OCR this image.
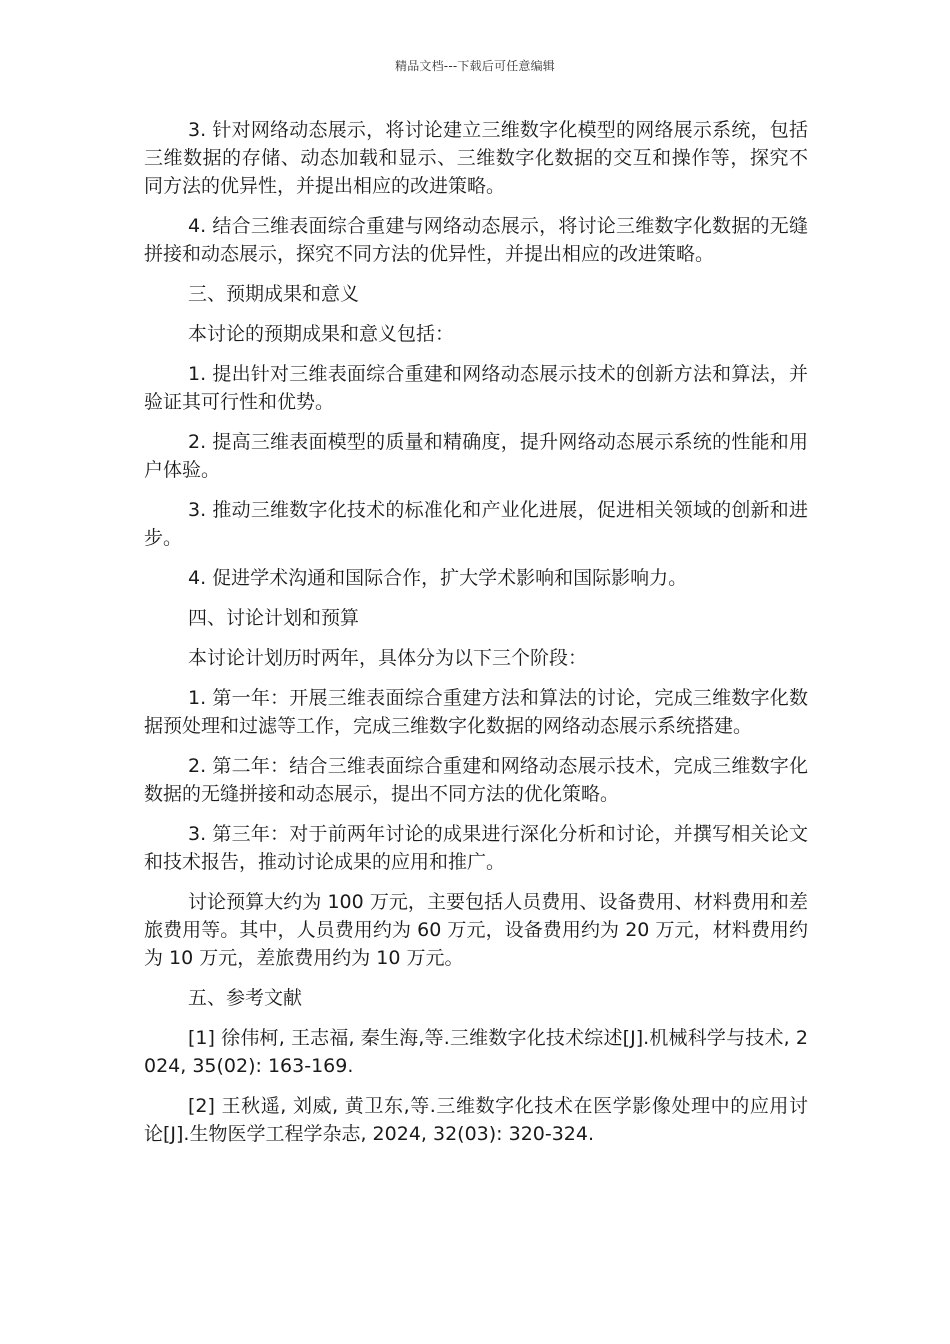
精品文档---下载后可任意编辑

3. 针对网络动态展示，将讨论建立三维数字化模型的网络展示系统，包括三维数据的存储、动态加载和显示、三维数字化数据的交互和操作等，探究不同方法的优异性，并提出相应的改进策略。

4. 结合三维表面综合重建与网络动态展示，将讨论三维数字化数据的无缝拼接和动态展示，探究不同方法的优异性，并提出相应的改进策略。

三、预期成果和意义

本讨论的预期成果和意义包括：

1. 提出针对三维表面综合重建和网络动态展示技术的创新方法和算法，并验证其可行性和优势。

2. 提高三维表面模型的质量和精确度，提升网络动态展示系统的性能和用户体验。

3. 推动三维数字化技术的标准化和产业化进展，促进相关领域的创新和进步。

4. 促进学术沟通和国际合作，扩大学术影响和国际影响力。

四、讨论计划和预算

本讨论计划历时两年，具体分为以下三个阶段：

1. 第一年：开展三维表面综合重建方法和算法的讨论，完成三维数字化数据预处理和过滤等工作，完成三维数字化数据的网络动态展示系统搭建。

2. 第二年：结合三维表面综合重建和网络动态展示技术，完成三维数字化数据的无缝拼接和动态展示，提出不同方法的优化策略。

3. 第三年：对于前两年讨论的成果进行深化分析和讨论，并撰写相关论文和技术报告，推动讨论成果的应用和推广。

讨论预算大约为 100 万元，主要包括人员费用、设备费用、材料费用和差旅费用等。其中，人员费用约为 60 万元，设备费用约为 20 万元，材料费用约为 10 万元，差旅费用约为 10 万元。

五、参考文献

[1] 徐伟柯, 王志福, 秦生海,等.三维数字化技术综述[J].机械科学与技术, 2024, 35(02): 163-169.

[2] 王秋遥, 刘威, 黄卫东,等.三维数字化技术在医学影像处理中的应用讨论[J].生物医学工程学杂志, 2024, 32(03): 320-324.
